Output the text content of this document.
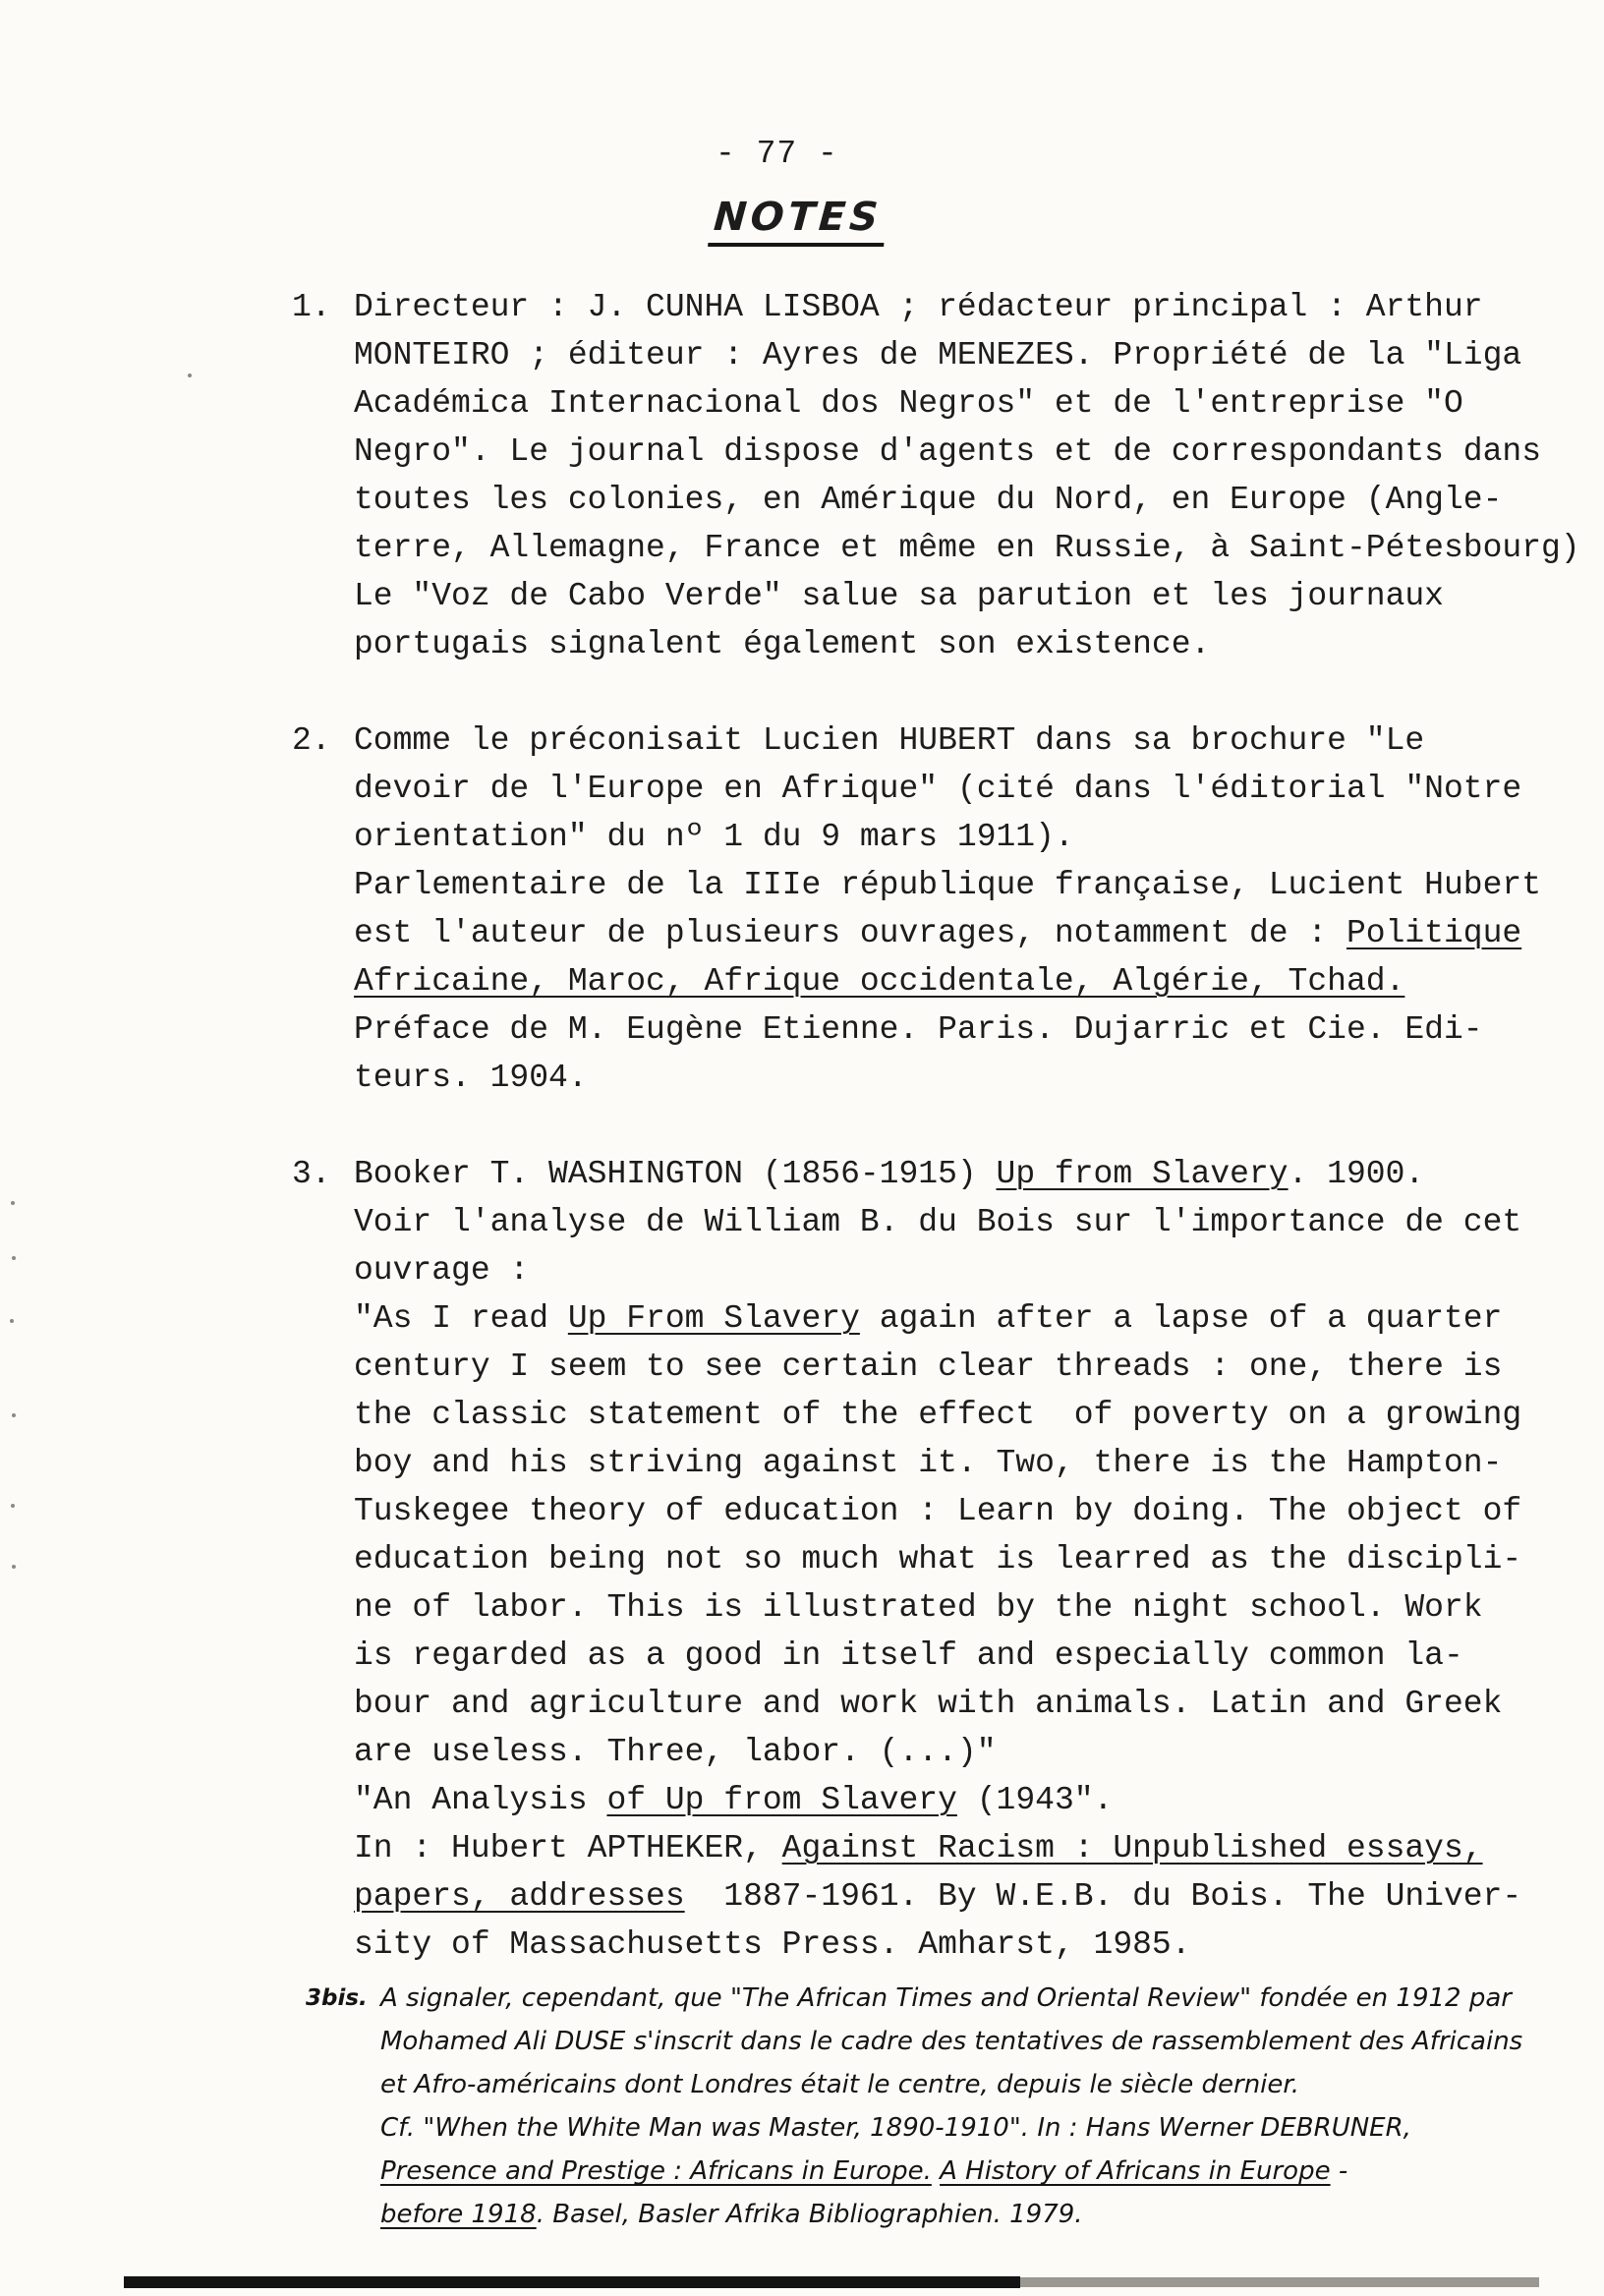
- 77 -
NOTES
1. Directeur : J. CUNHA LISBOA ; rédacteur principal : Arthur
MONTEIRO ; éditeur : Ayres de MENEZES. Propriété de la "Liga
Académica Internacional dos Negros" et de l'entreprise "O
Negro". Le journal dispose d'agents et de correspondants dans
toutes les colonies, en Amérique du Nord, en Europe (Angle-
terre, Allemagne, France et même en Russie, à Saint-Pétesbourg)
Le "Voz de Cabo Verde" salue sa parution et les journaux
portugais signalent également son existence.
2. Comme le préconisait Lucien HUBERT dans sa brochure "Le
devoir de l'Europe en Afrique" (cité dans l'éditorial "Notre
orientation" du nº 1 du 9 mars 1911).
Parlementaire de la IIIe république française, Lucient Hubert
est l'auteur de plusieurs ouvrages, notamment de : Politique
Africaine, Maroc, Afrique occidentale, Algérie, Tchad.
Préface de M. Eugène Etienne. Paris. Dujarric et Cie. Edi-
teurs. 1904.
3. Booker T. WASHINGTON (1856-1915) Up from Slavery. 1900.
Voir l'analyse de William B. du Bois sur l'importance de cet
ouvrage :
"As I read Up From Slavery again after a lapse of a quarter
century I seem to see certain clear threads : one, there is
the classic statement of the effect  of poverty on a growing
boy and his striving against it. Two, there is the Hampton-
Tuskegee theory of education : Learn by doing. The object of
education being not so much what is learred as the discipli-
ne of labor. This is illustrated by the night school. Work
is regarded as a good in itself and especially common la-
bour and agriculture and work with animals. Latin and Greek
are useless. Three, labor. (...)"
"An Analysis of Up from Slavery (1943".
In : Hubert APTHEKER, Against Racism : Unpublished essays,
papers, addresses  1887-1961. By W.E.B. du Bois. The Univer-
sity of Massachusetts Press. Amharst, 1985.
3bis. A signaler, cependant, que "The African Times and Oriental Review" fondée en 1912 par
Mohamed Ali DUSE s'inscrit dans le cadre des tentatives de rassemblement des Africains
et Afro-américains dont Londres était le centre, depuis le siècle dernier.
Cf. "When the White Man was Master, 1890-1910". In : Hans Werner DEBRUNER,
Presence and Prestige : Africans in Europe. A History of Africans in Europe -
before 1918. Basel, Basler Afrika Bibliographien. 1979.
